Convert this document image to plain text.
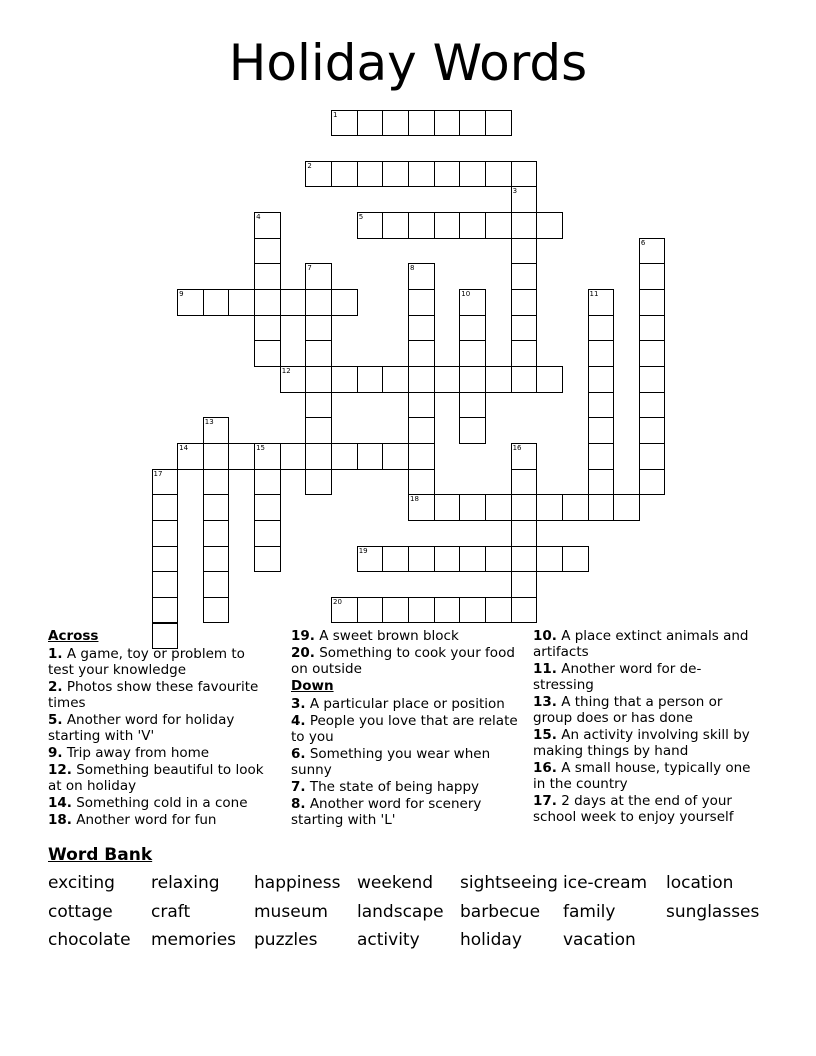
Holiday Words
1
2
3
4	5
6
7	8
9	10	11
12
13
14	15	16
17
18
19
20
Across
1. A game, toy or problem to test your knowledge
2. Photos show these favourite times
5. Another word for holiday starting with 'V'
9. Trip away from home
12. Something beautiful to look at on holiday
14. Something cold in a cone
18. Another word for fun
19. A sweet brown block
20. Something to cook your food on outside
Down
3. A particular place or position
4. People you love that are relate to you
6. Something you wear when sunny
7. The state of being happy
8. Another word for scenery starting with 'L'
10. A place extinct animals and artifacts
11. Another word for de-stressing
13. A thing that a person or group does or has done
15. An activity involving skill by making things by hand
16. A small house, typically one in the country
17. 2 days at the end of your school week to enjoy yourself
Word Bank
exciting relaxing happiness weekend sightseeing ice-cream location
cottage craft	museum landscape barbecue family	sunglasses
chocolate memories puzzles activity holiday vacation
